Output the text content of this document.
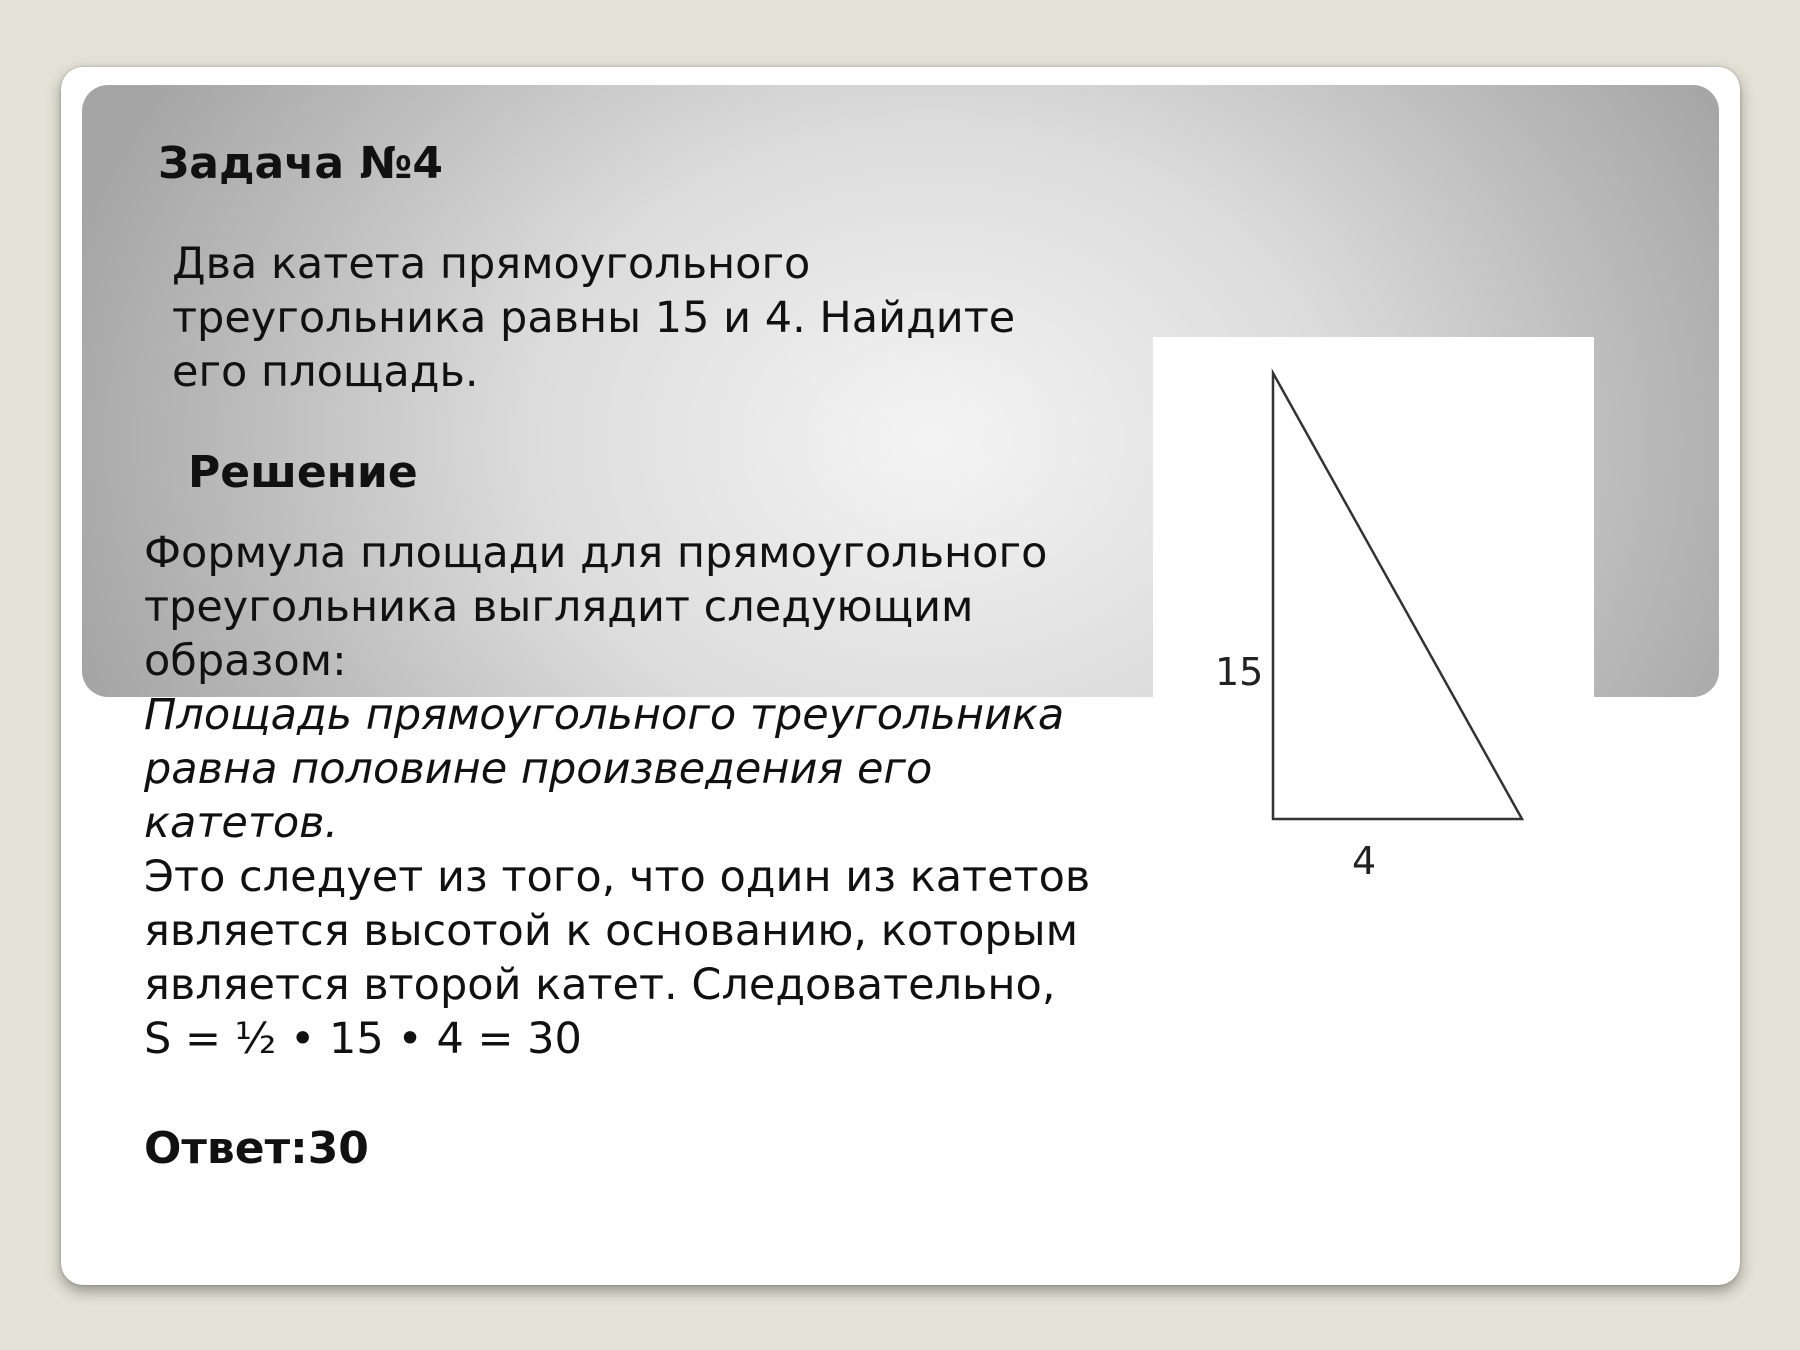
15
4
Задача №4
Два катета прямоугольного
треугольника равны 15 и 4. Найдите
его площадь.
Решение
Формула площади для прямоугольного
треугольника выглядит следующим
образом:
Площадь прямоугольного треугольника
равна половине произведения его
катетов.
Это следует из того, что один из катетов
является высотой к основанию, которым
является второй катет. Следовательно,
S = ½ • 15 • 4 = 30
Ответ:30
